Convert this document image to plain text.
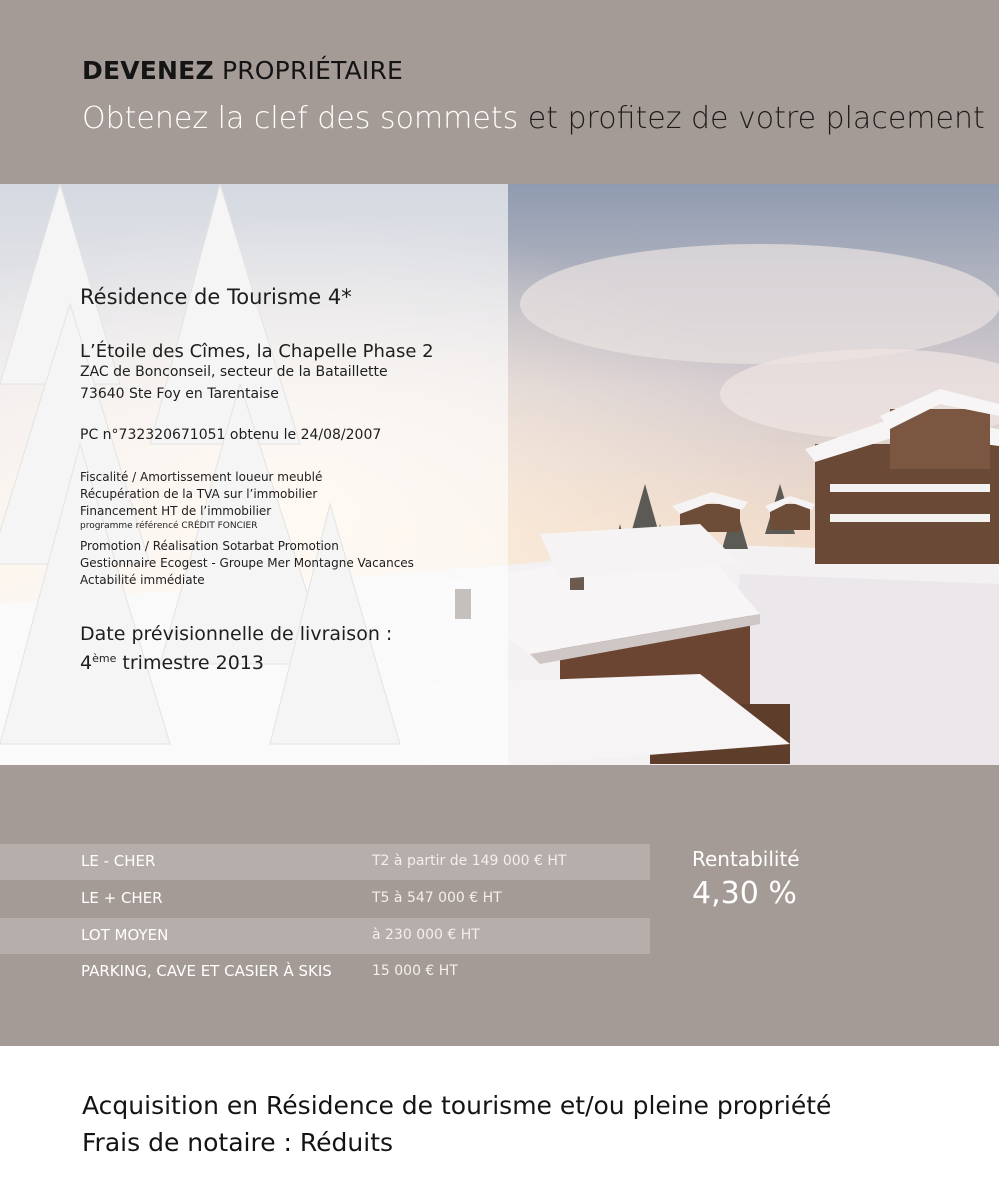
DEVENEZ PROPRIÉTAIRE
Obtenez la clef des sommets et profitez de votre placement
Résidence de Tourisme 4*
L’Étoile des Cîmes, la Chapelle Phase 2
ZAC de Bonconseil, secteur de la Bataillette
73640 Ste Foy en Tarentaise
PC n°732320671051 obtenu le 24/08/2007
Fiscalité / Amortissement loueur meublé
Récupération de la TVA sur l’immobilier
Financement HT de l’immobilier
programme référencé CRÉDIT FONCIER
Promotion / Réalisation Sotarbat Promotion
Gestionnaire Ecogest - Groupe Mer Montagne Vacances
Actabilité immédiate
Date prévisionnelle de livraison :
4ème trimestre 2013
LE - CHER	T2 à partir de 149 000 € HT
LE + CHER	T5 à 547 000 € HT
LOT MOYEN	à 230 000 € HT
PARKING, CAVE ET CASIER À SKIS	15 000 € HT
Rentabilité
4,30 %
Acquisition en Résidence de tourisme et/ou pleine propriété
Frais de notaire : Réduits
